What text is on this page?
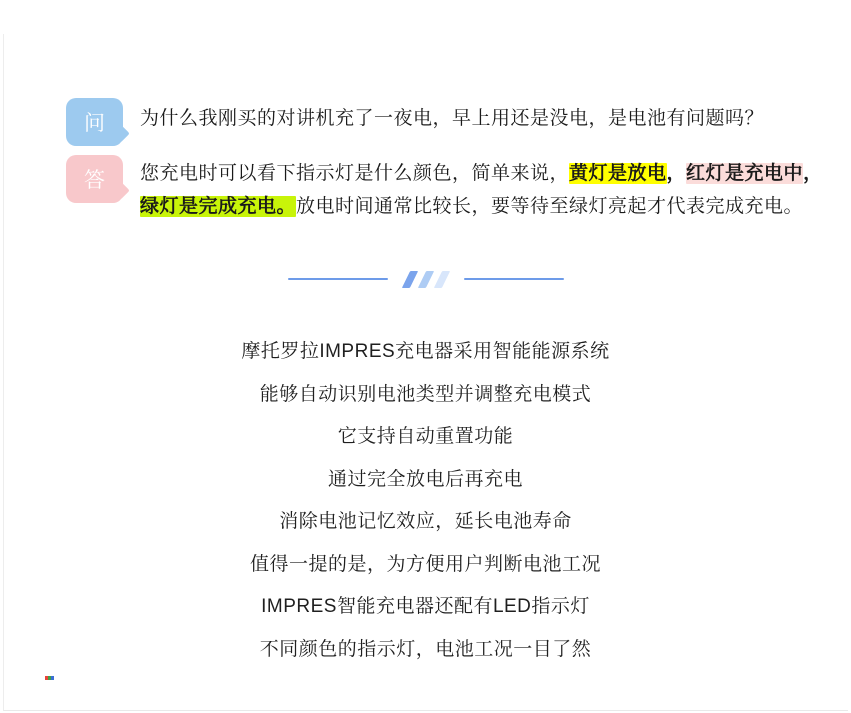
问 为什么我刚买的对讲机充了一夜电，早上用还是没电，是电池有问题吗？
答 您充电时可以看下指示灯是什么颜色，简单来说，黄灯是放电，红灯是充电中，绿灯是完成充电。放电时间通常比较长，要等待至绿灯亮起才代表完成充电。
摩托罗拉IMPRES充电器采用智能能源系统
能够自动识别电池类型并调整充电模式
它支持自动重置功能
通过完全放电后再充电
消除电池记忆效应，延长电池寿命
值得一提的是，为方便用户判断电池工况
IMPRES智能充电器还配有LED指示灯
不同颜色的指示灯，电池工况一目了然
